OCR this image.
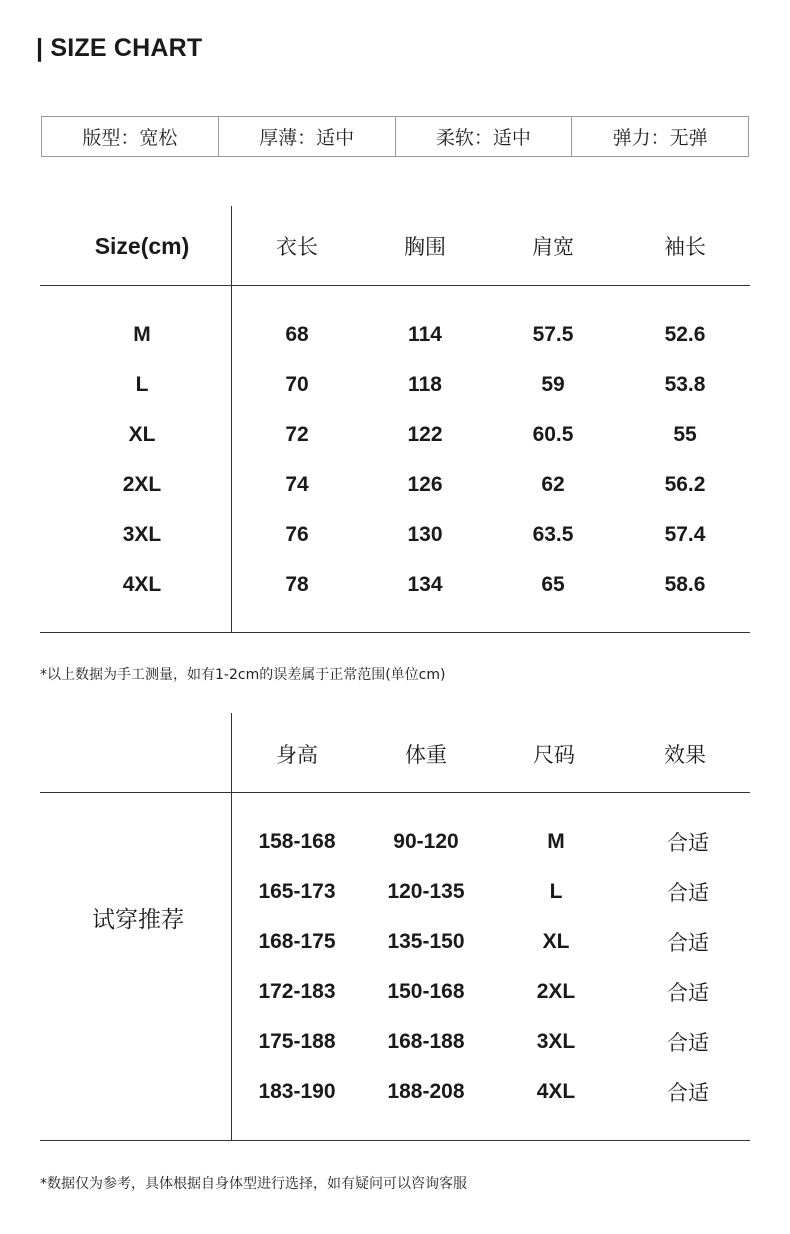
| SIZE CHART
版型：宽松	厚薄：适中	柔软：适中	弹力：无弹
Size(cm)	衣长	胸围	肩宽	袖长
M	68	114	57.5	52.6
L	70	118	59	53.8
XL	72	122	60.5	55
2XL	74	126	62	56.2
3XL	76	130	63.5	57.4
4XL	78	134	65	58.6
*以上数据为手工测量，如有1-2cm的误差属于正常范围(单位cm)
试穿推荐
身高	体重	尺码	效果
158-168	90-120	M	合适
165-173	120-135	L	合适
168-175	135-150	XL	合适
172-183	150-168	2XL	合适
175-188	168-188	3XL	合适
183-190	188-208	4XL	合适
*数据仅为参考，具体根据自身体型进行选择，如有疑问可以咨询客服
